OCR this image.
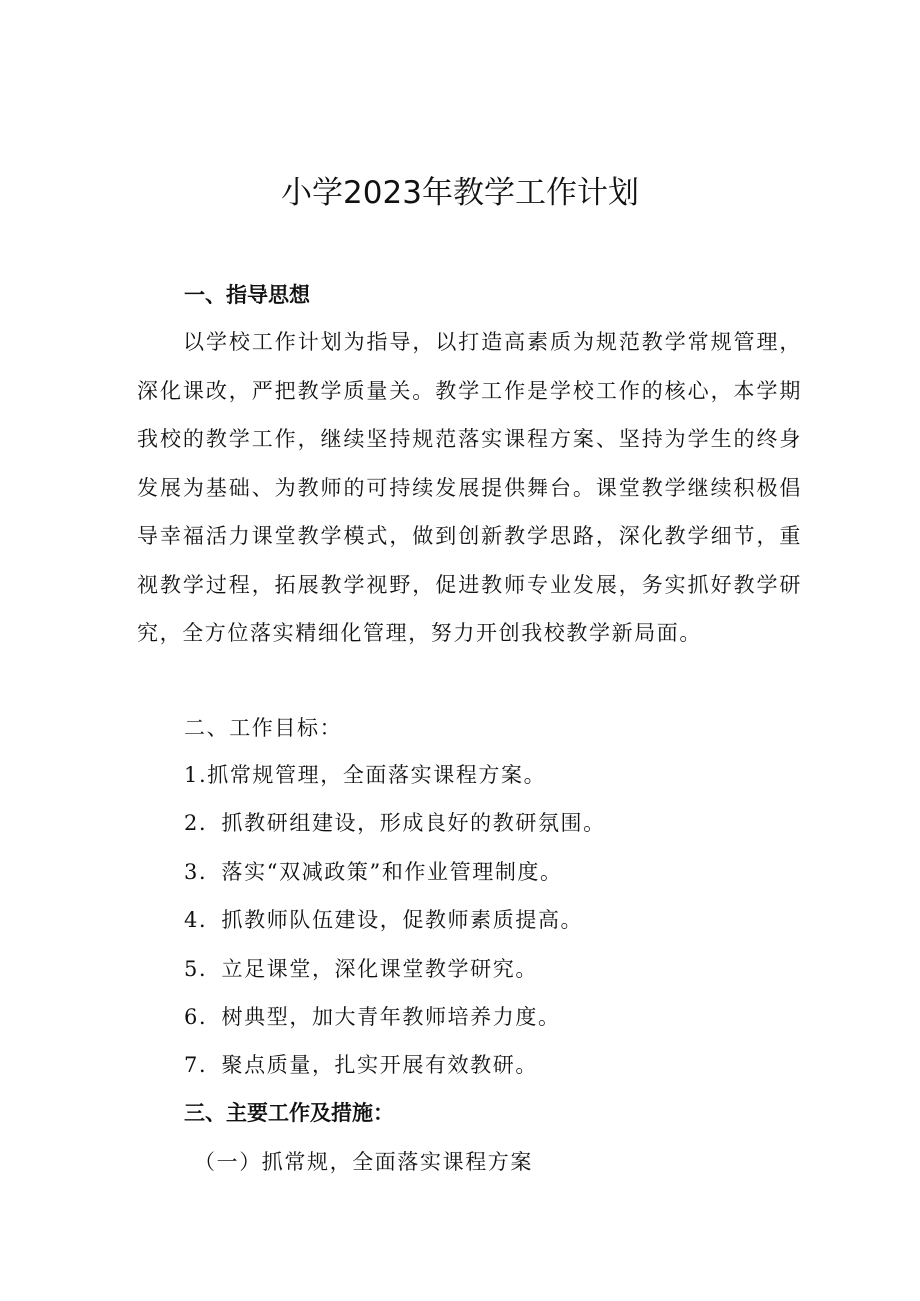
小学2023年教学工作计划
一、指导思想

以学校工作计划为指导，以打造高素质为规范教学常规管理，深化课改，严把教学质量关。教学工作是学校工作的核心，本学期我校的教学工作，继续坚持规范落实课程方案、坚持为学生的终身发展为基础、为教师的可持续发展提供舞台。课堂教学继续积极倡导幸福活力课堂教学模式，做到创新教学思路，深化教学细节，重视教学过程，拓展教学视野，促进教师专业发展，务实抓好教学研究，全方位落实精细化管理，努力开创我校教学新局面。

二、工作目标：

1.抓常规管理，全面落实课程方案。

2．抓教研组建设，形成良好的教研氛围。

3．落实“双减政策”和作业管理制度。

4．抓教师队伍建设，促教师素质提高。

5．立足课堂，深化课堂教学研究。

6．树典型，加大青年教师培养力度。

7．聚点质量，扎实开展有效教研。

三、主要工作及措施：

（一）抓常规，全面落实课程方案
